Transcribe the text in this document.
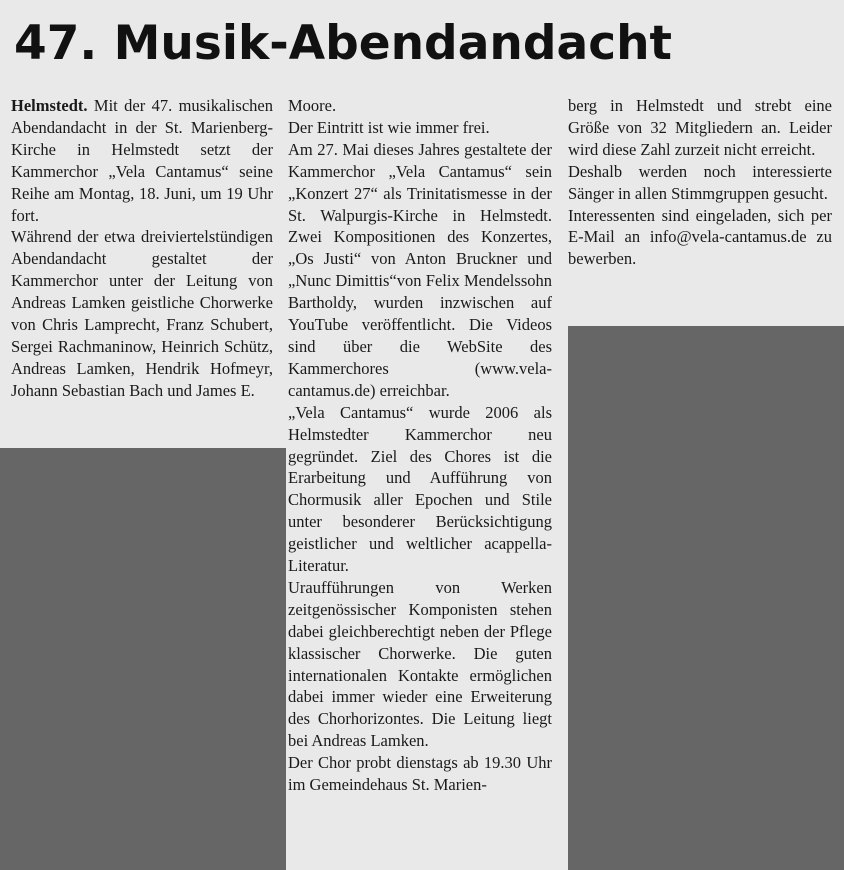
47. Musik-Abendandacht

Helmstedt. Mit der 47. musikalischen Abendandacht in der St. Marienberg-Kirche in Helmstedt setzt der Kammerchor „Vela Cantamus“ seine Reihe am Montag, 18. Juni, um 19 Uhr fort.

Während der etwa dreiviertelstündigen Abendandacht gestaltet der Kammerchor unter der Leitung von Andreas Lamken geistliche Chorwerke von Chris Lamprecht, Franz Schubert, Sergei Rachmaninow, Heinrich Schütz, Andreas Lamken, Hendrik Hofmeyr, Johann Sebastian Bach und James E.

Moore.

Der Eintritt ist wie immer frei.

Am 27. Mai dieses Jahres gestaltete der Kammerchor „Vela Cantamus“ sein „Konzert 27“ als Trinitatismesse in der St. Walpurgis-Kirche in Helmstedt. Zwei Kompositionen des Konzertes, „Os Justi“ von Anton Bruckner und „Nunc Dimittis“von Felix Mendelssohn Bartholdy, wurden inzwischen auf YouTube veröffentlicht. Die Videos sind über die WebSite des Kammerchores (www.vela-cantamus.de) erreichbar.

„Vela Cantamus“ wurde 2006 als Helmstedter Kammerchor neu gegründet. Ziel des Chores ist die Erarbeitung und Aufführung von Chormusik aller Epochen und Stile unter besonderer Berücksichtigung geistlicher und weltlicher acappella-Literatur.

Uraufführungen von Werken zeitgenössischer Komponisten stehen dabei gleichberechtigt neben der Pflege klassischer Chorwerke. Die guten internationalen Kontakte ermöglichen dabei immer wieder eine Erweiterung des Chorhorizontes. Die Leitung liegt bei Andreas Lamken.

Der Chor probt dienstags ab 19.30 Uhr im Gemeindehaus St. Marien-

berg in Helmstedt und strebt eine Größe von 32 Mitgliedern an. Leider wird diese Zahl zurzeit nicht erreicht.

Deshalb werden noch interessierte Sänger in allen Stimmgruppen gesucht.

Interessenten sind eingeladen, sich per E-Mail an info@vela-cantamus.de zu bewerben.
